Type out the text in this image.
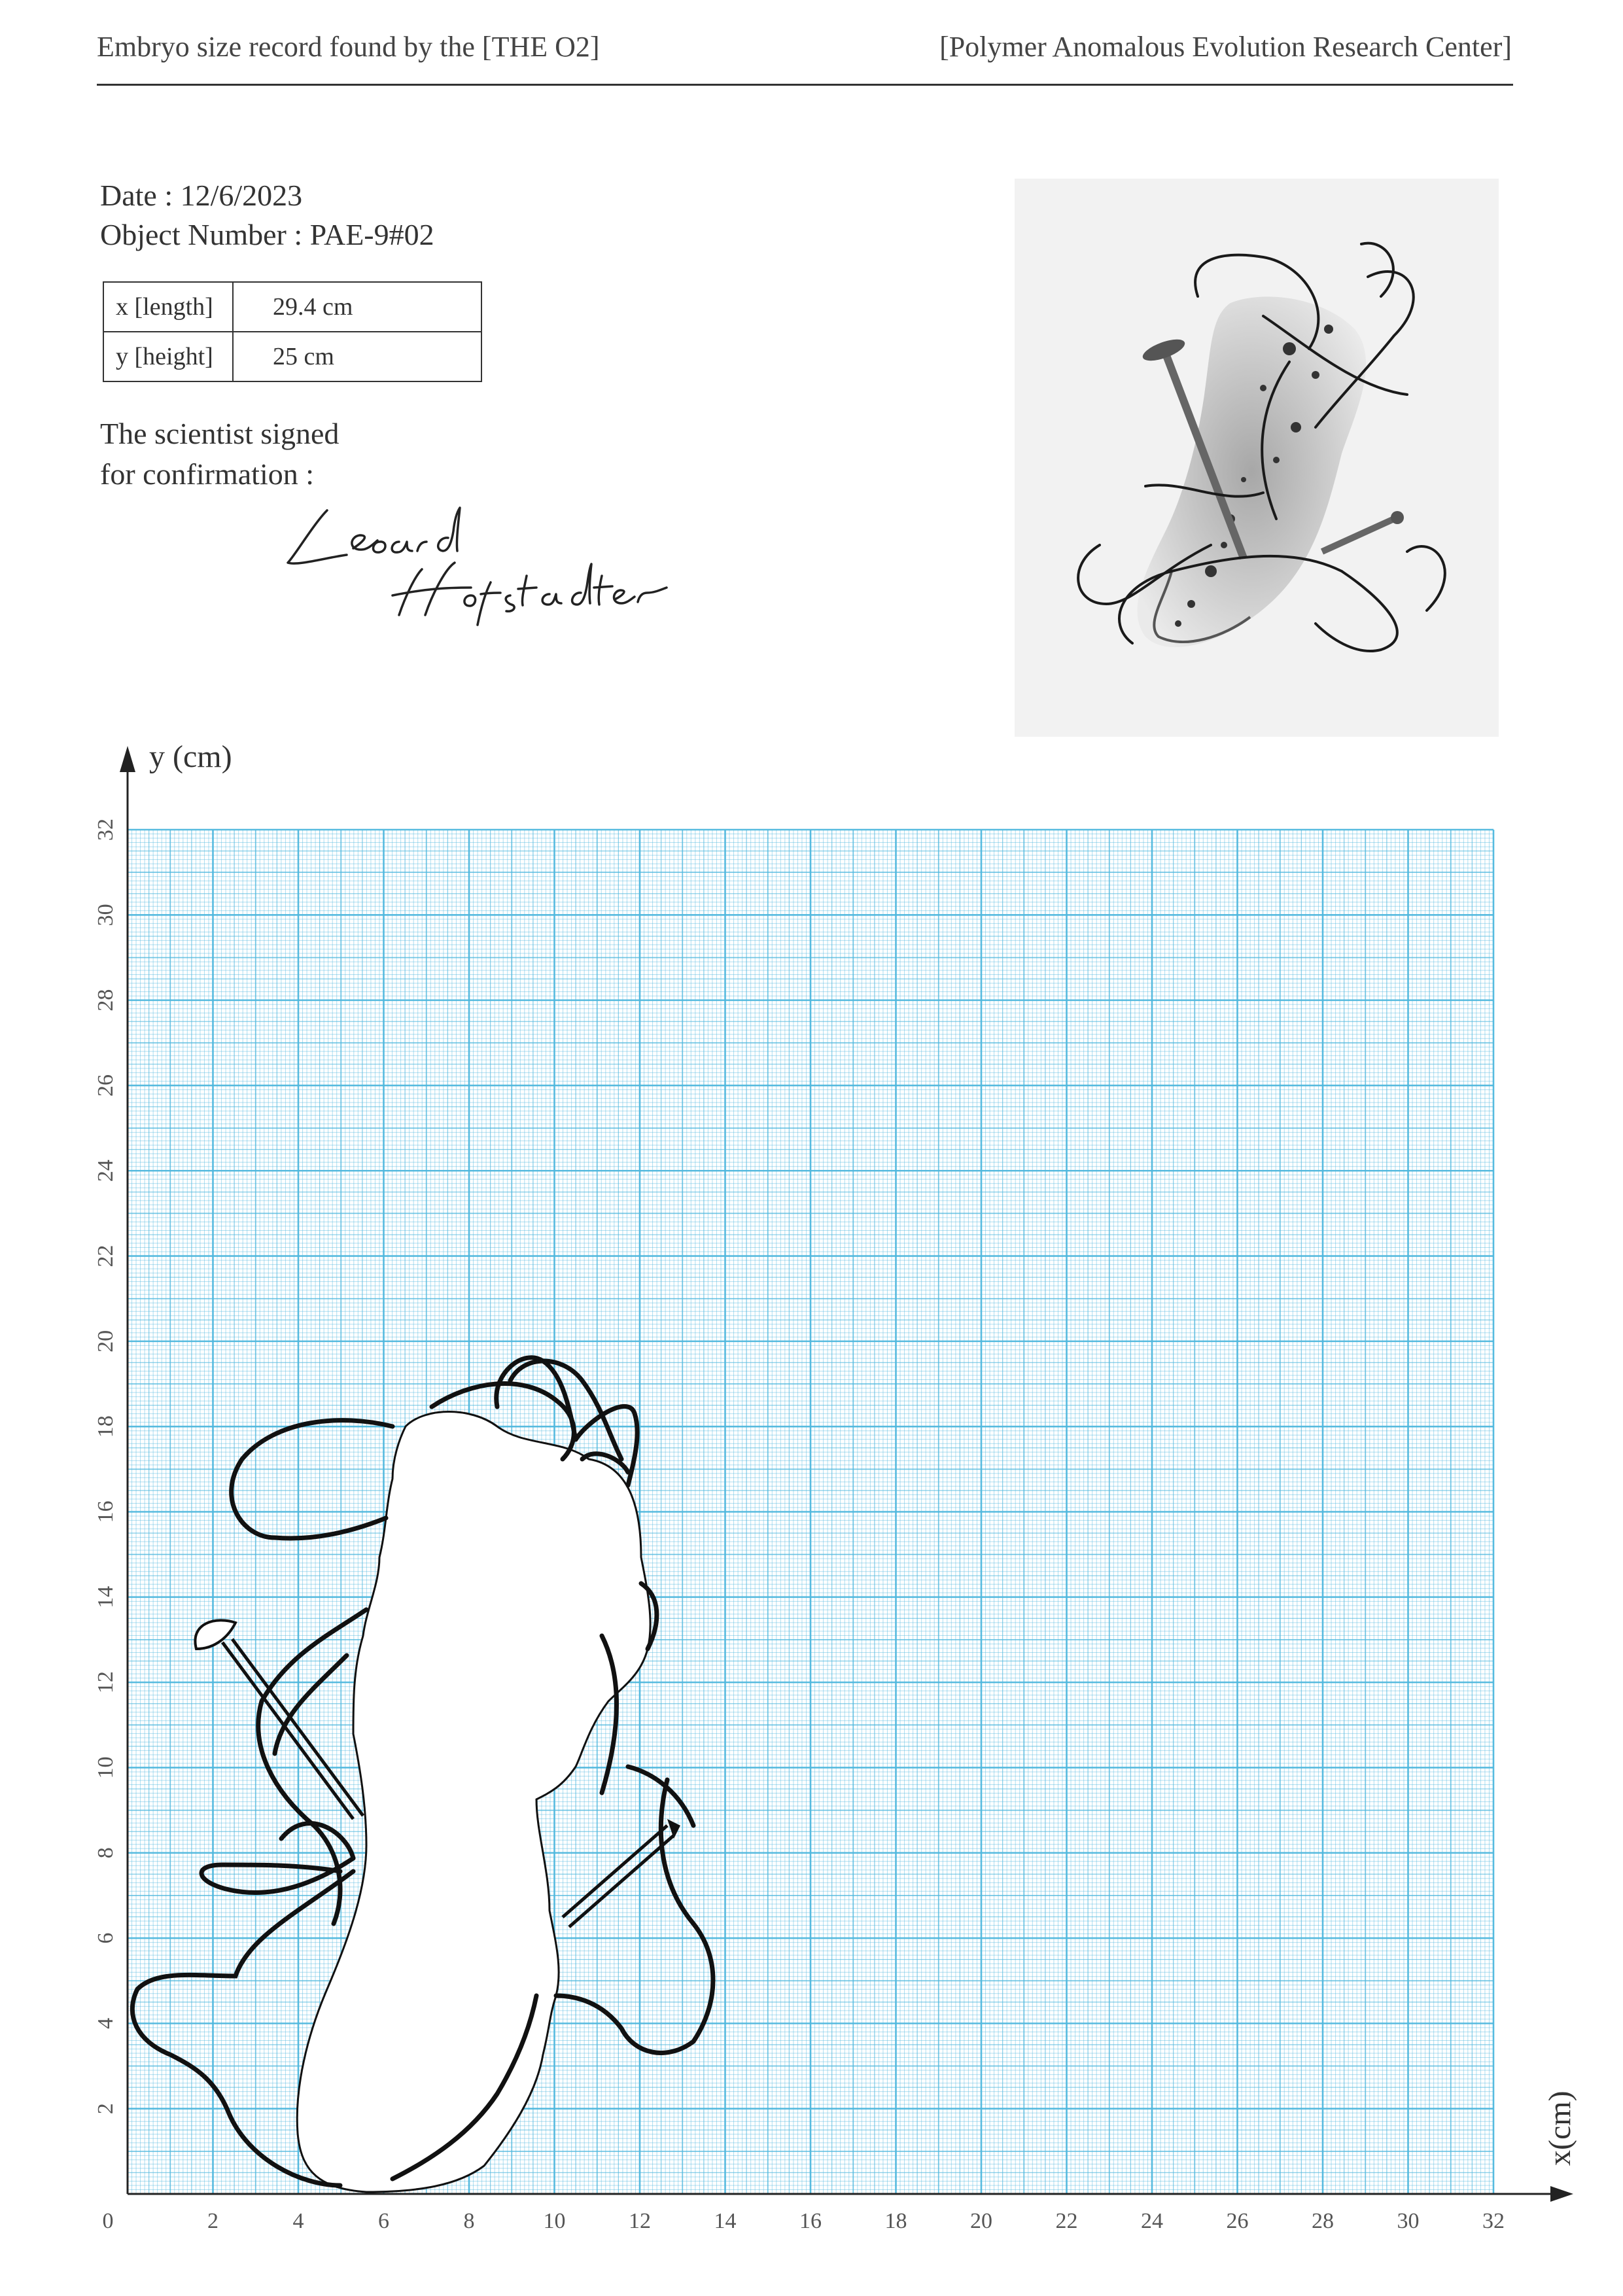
Embryo size record found by the [THE O2]	[Polymer Anomalous Evolution Research Center]
Date : 12/6/2023
Object Number : PAE-9#02
x [length]	29.4 cm
y [height]	25 cm
The scientist signed
for confirmation :
0	2	4	6	8	10	12	14	16	18	20	22	24	26	28	30	32
2
4
6
8
10
12
14
16
18
20
22
24
26
28
30
32
y (cm)
x(cm)
